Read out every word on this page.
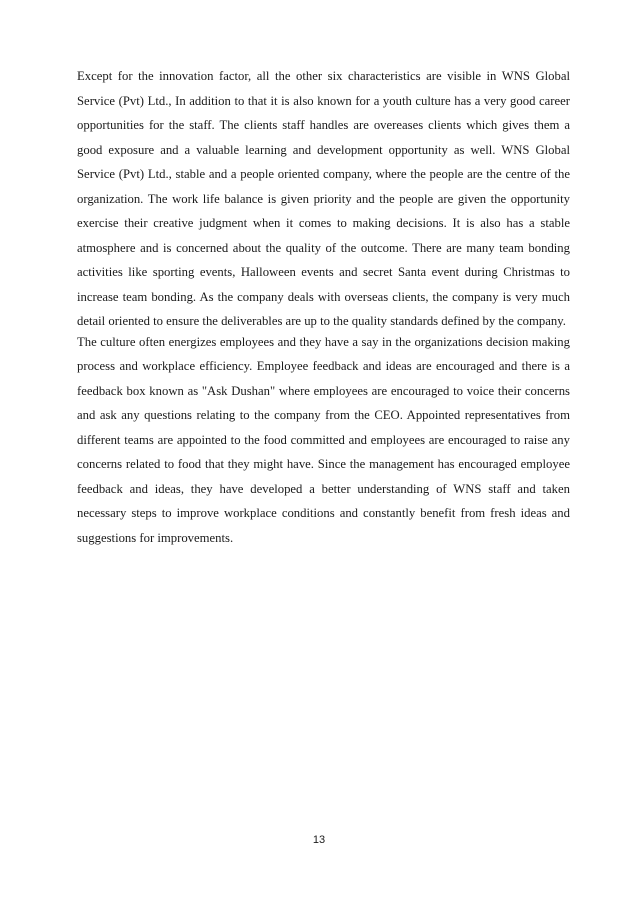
Except for the innovation factor, all the other six characteristics are visible in WNS Global Service (Pvt) Ltd., In addition to that it is also known for a youth culture has a very good career opportunities for the staff. The clients staff handles are overeases clients which gives them a good exposure and a valuable learning and development opportunity as well. WNS Global Service (Pvt) Ltd., stable and a people oriented company, where the people are the centre of the organization. The work life balance is given priority and the people are given the opportunity exercise their creative judgment when it comes to making decisions. It is also has a stable atmosphere and is concerned about the quality of the outcome. There are many team bonding activities like sporting events, Halloween events and secret Santa event during Christmas to increase team bonding. As the company deals with overseas clients, the company is very much detail oriented to ensure the deliverables are up to the quality standards defined by the company.

The culture often energizes employees and they have a say in the organizations decision making process and workplace efficiency. Employee feedback and ideas are encouraged and there is a feedback box known as "Ask Dushan" where employees are encouraged to voice their concerns and ask any questions relating to the company from the CEO. Appointed representatives from different teams are appointed to the food committed and employees are encouraged to raise any concerns related to food that they might have. Since the management has encouraged employee feedback and ideas, they have developed a better understanding of WNS staff and taken necessary steps to improve workplace conditions and constantly benefit from fresh ideas and suggestions for improvements.

13
